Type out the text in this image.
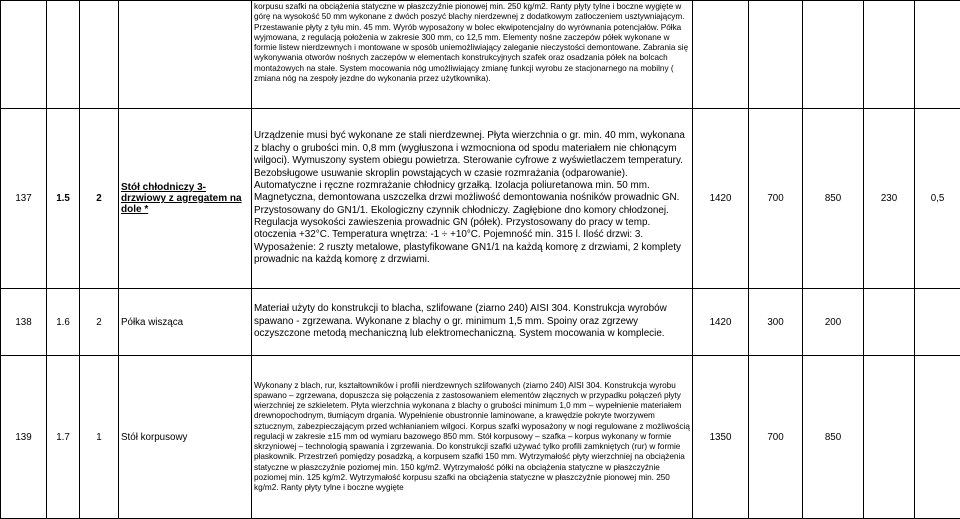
				korpusu szafki na obciążenia statyczne w płaszczyźnie pionowej min. 250 kg/m2. Ranty płyty tylne i boczne wygięte w górę na wysokość 50 mm wykonane z dwóch poszyć blachy nierdzewnej z dodatkowym zatłoczeniem usztywniającym. Przestawanie płyty z tyłu min. 45 mm. Wyrób wyposażony w bolec ekwipotencjalny do wyrównania potencjałów. Półka wyjmowana, z regulacją położenia w zakresie 300 mm, co 12,5 mm. Elementy nośne zaczepów półek wykonane w formie listew nierdzewnych i montowane w sposób uniemożliwiający zaleganie nieczystości demontowane. Zabrania się wykonywania otworów nośnych zaczepów w elementach konstrukcyjnych szafek oraz osadzania półek na bolcach montażowych na stałe. System mocowania nóg umożliwiający zmianę funkcji wyrobu ze stacjonarnego na mobilny ( zmiana nóg na zespoły jezdne do wykonania przez użytkownika).					
137	1.5	2	Stół chłodniczy 3-drzwiowy z agregatem na dole *	Urządzenie musi być wykonane ze stali nierdzewnej. Płyta wierzchnia o gr. min. 40 mm, wykonana z blachy o grubości min. 0,8 mm (wygłuszona i wzmocniona od spodu materiałem nie chłonącym wilgoci). Wymuszony system obiegu powietrza. Sterowanie cyfrowe z wyświetlaczem temperatury. Bezobsługowe usuwanie skroplin powstających w czasie rozmrażania (odparowanie). Automatyczne i ręczne rozmrażanie chłodnicy grzałką. Izolacja poliuretanowa min. 50 mm. Magnetyczna, demontowana uszczelka drzwi możliwość demontowania nośników prowadnic GN. Przystosowany do GN1/1. Ekologiczny czynnik chłodniczy. Zagłębione dno komory chłodzonej. Regulacja wysokości zawieszenia prowadnic GN (półek). Przystosowany do pracy w temp. otoczenia +32°C. Temperatura wnętrza: -1 ÷ +10°C. Pojemność min. 315 l. Ilość drzwi: 3. Wyposażenie: 2 ruszty metalowe, plastyfikowane GN1/1 na każdą komorę z drzwiami, 2 komplety prowadnic na każdą komorę z drzwiami.	1420	700	850	230	0,5
138	1.6	2	Półka wisząca	Materiał użyty do konstrukcji to blacha, szlifowane (ziarno 240) AISI 304. Konstrukcja wyrobów spawano - zgrzewana. Wykonane z blachy o gr. minimum 1,5 mm. Spoiny oraz zgrzewy oczyszczone metodą mechaniczną lub elektromechaniczną. System mocowania w komplecie.	1420	300	200		
139	1.7	1	Stół korpusowy	Wykonany z blach, rur, kształtowników i profili nierdzewnych szlifowanych (ziarno 240) AISI 304. Konstrukcja wyrobu spawano – zgrzewana, dopuszcza się połączenia z zastosowaniem elementów złącznych w przypadku połączeń płyty wierzchniej ze szkieletem. Płyta wierzchnia wykonana z blachy o grubości minimum 1,0 mm – wypełnienie materiałem drewnopochodnym, tłumiącym drgania. Wypełnienie obustronnie laminowane, a krawędzie pokryte tworzywem sztucznym, zabezpieczającym przed wchłanianiem wilgoci. Korpus szafki wyposażony w nogi regulowane z możliwością regulacji w zakresie ±15 mm od wymiaru bazowego 850 mm. Stół korpusowy – szafka – korpus wykonany w formie skrzyniowej – technologią spawania i zgrzewania. Do konstrukcji szafki używać tylko profili zamkniętych (rur) w formie płaskownik. Przestrzeń pomiędzy posadzką, a korpusem szafki 150 mm. Wytrzymałość płyty wierzchniej na obciążenia statyczne w płaszczyźnie poziomej min. 150 kg/m2. Wytrzymałość półki na obciążenia statyczne w płaszczyźnie poziomej min. 125 kg/m2. Wytrzymałość korpusu szafki na obciążenia statyczne w płaszczyźnie pionowej min. 250 kg/m2. Ranty płyty tylne i boczne wygięte	1350	700	850		
